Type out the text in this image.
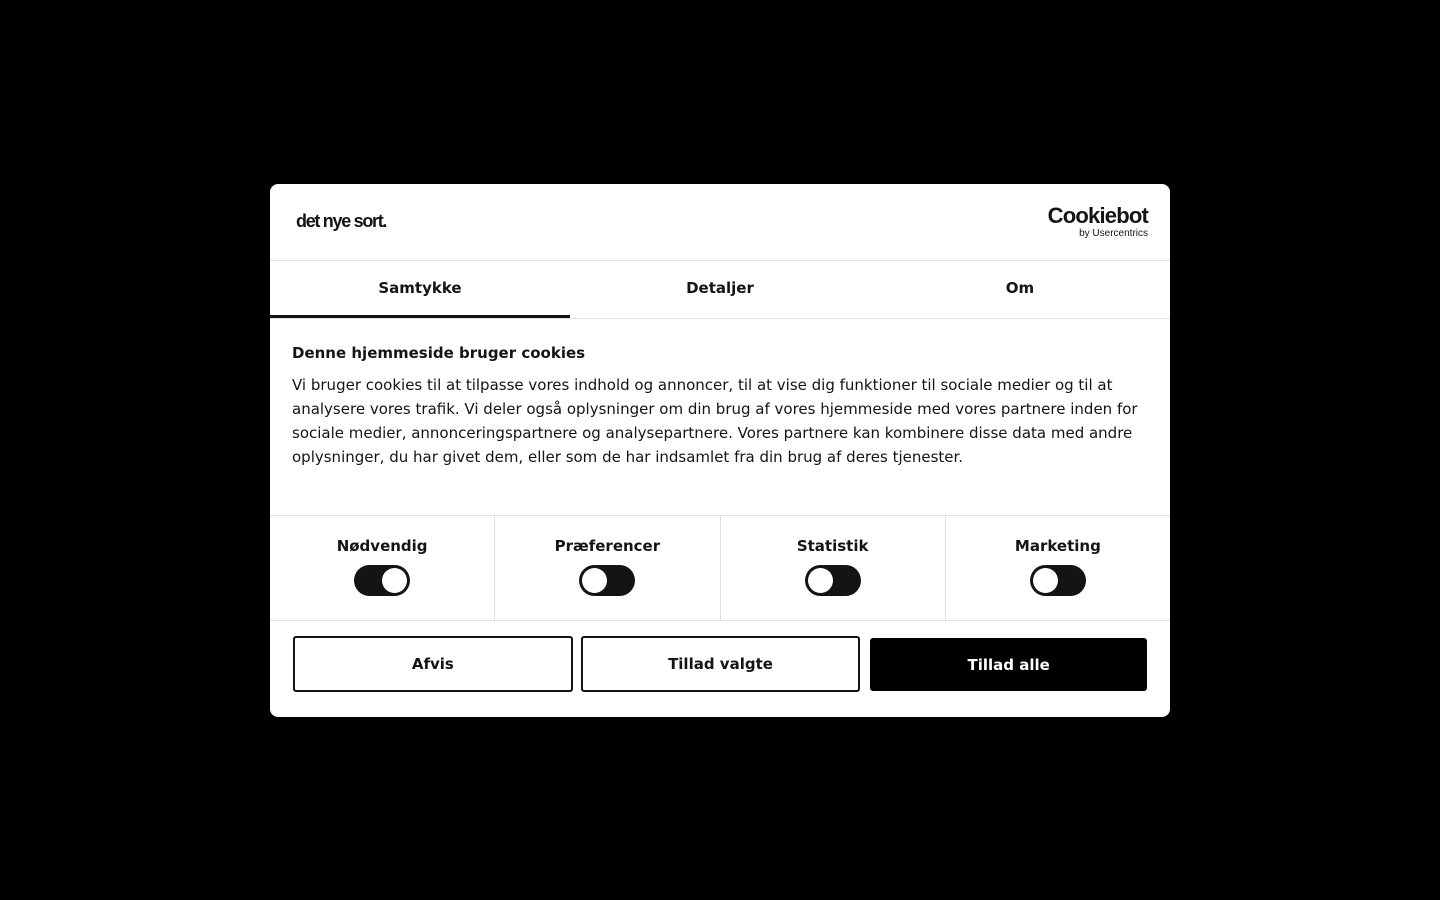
det nye sort.	Cookiebot
by Usercentrics
Samtykke	Detaljer	Om
Denne hjemmeside bruger cookies

Vi bruger cookies til at tilpasse vores indhold og annoncer, til at vise dig funktioner til sociale medier og til at analysere vores trafik. Vi deler også oplysninger om din brug af vores hjemmeside med vores partnere inden for sociale medier, annonceringspartnere og analysepartnere. Vores partnere kan kombinere disse data med andre oplysninger, du har givet dem, eller som de har indsamlet fra din brug af deres tjenester.

Nødvendig	Præferencer	Statistik	Marketing
Afvis	Tillad valgte	Tillad alle
